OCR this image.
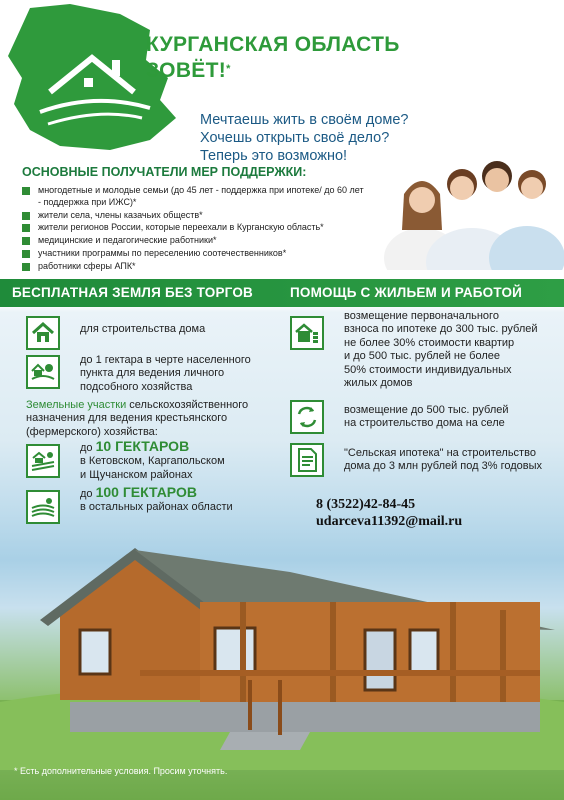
КУРГАНСКАЯ ОБЛАСТЬ
ЗОВЁТ!*
Мечтаешь жить в своём доме?
Хочешь открыть своё дело?
Теперь это возможно!
ОСНОВНЫЕ ПОЛУЧАТЕЛИ МЕР ПОДДЕРЖКИ:
многодетные и молодые семьи (до 45 лет - поддержка при ипотеке/ до 60 лет - поддержка при ИЖС)*
жители села, члены казачьих обществ*
жители регионов России, которые переехали в Курганскую область*
медицинские и педагогические работники*
участники программы по переселению соотечественников*
работники сферы АПК*
БЕСПЛАТНАЯ ЗЕМЛЯ БЕЗ ТОРГОВ	ПОМОЩЬ С ЖИЛЬЕМ И РАБОТОЙ
для строительства дома
до 1 гектара в черте населенного
пункта для ведения личного
подсобного хозяйства
Земельные участки сельскохозяйственного
назначения для ведения крестьянского
(фермерского) хозяйства:
до 10 ГЕКТАРОВ
в Кетовском, Каргапольском
и Щучанском районах
до 100 ГЕКТАРОВ
в остальных районах области
возмещение первоначального
взноса по ипотеке до 300 тыс. рублей
не более 30% стоимости квартир
и до 500 тыс. рублей не более
50% стоимости индивидуальных
жилых домов
возмещение до 500 тыс. рублей
на строительство дома на селе
"Сельская ипотека" на строительство
дома до 3 млн рублей под 3% годовых
8 (3522)42-84-45
udarceva11392@mail.ru
* Есть дополнительные условия. Просим уточнять.
